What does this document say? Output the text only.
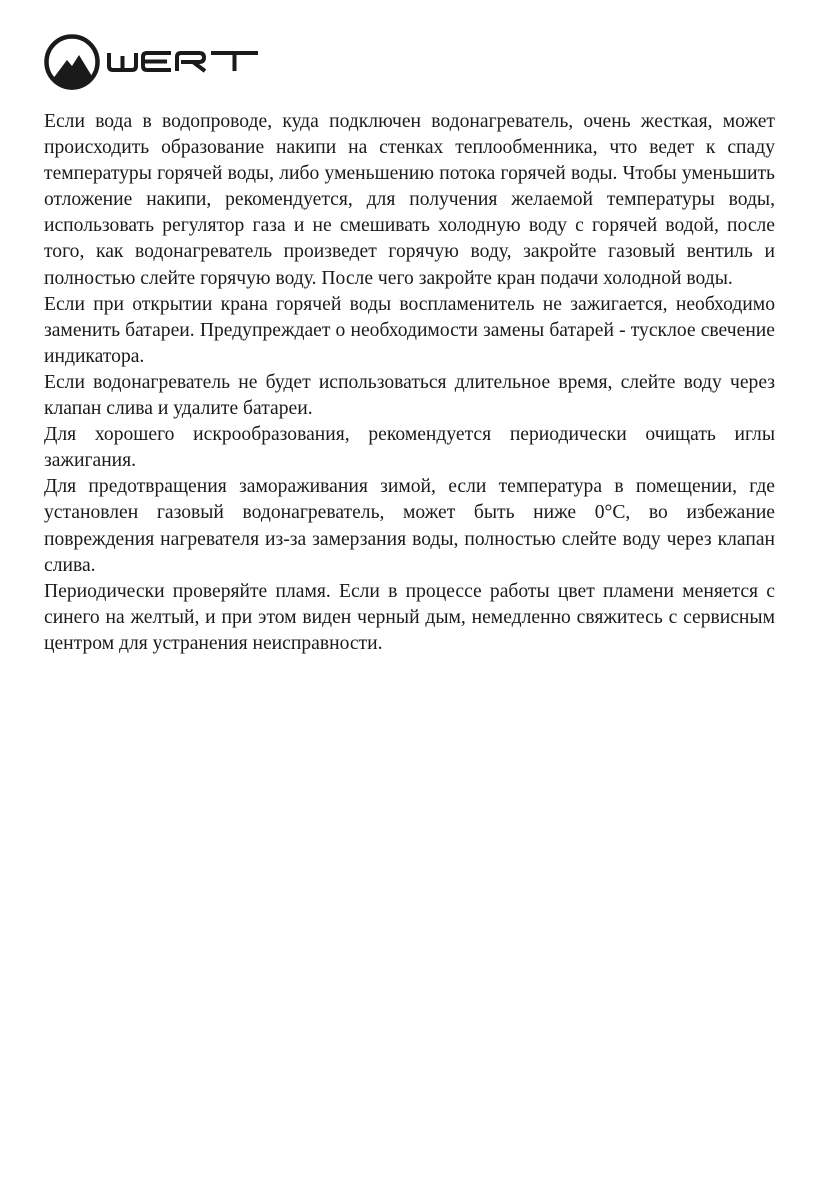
Если вода в водопроводе, куда подключен водонагреватель, очень жесткая, может происходить образование накипи на стенках теплообменника, что ведет к спаду температуры горячей воды, либо уменьшению потока горячей воды. Чтобы уменьшить отложение накипи, рекомендуется, для получения желаемой температуры воды, использовать регулятор газа и не смешивать холодную воду с горячей водой, после того, как водонагреватель произведет горячую воду, закройте газовый вентиль и полностью слейте горячую воду. После чего закройте кран подачи холодной воды.

Если при открытии крана горячей воды воспламенитель не зажигается, необходимо заменить батареи. Предупреждает о необходимости замены батарей - тусклое свечение индикатора.

Если водонагреватель не будет использоваться длительное время, слейте воду через клапан слива и удалите батареи.

Для хорошего искрообразования, рекомендуется периодически очищать иглы зажигания.

Для предотвращения замораживания зимой, если температура в помещении, где установлен газовый водонагреватель, может быть ниже 0°С, во избежание повреждения нагревателя из-за замерзания воды, полностью слейте воду через клапан слива.

Периодически проверяйте пламя. Если в процессе работы цвет пламени меняется с синего на желтый, и при этом виден черный дым, немедленно свяжитесь с сервисным центром для устранения неисправности.
